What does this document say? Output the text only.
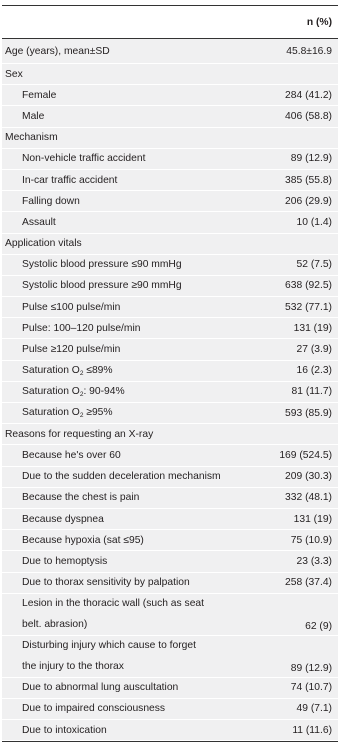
n (%)
Age (years), mean±SD	45.8±16.9
Sex
Female	284 (41.2)
Male	406 (58.8)
Mechanism
Non-vehicle traffic accident	89 (12.9)
In-car traffic accident	385 (55.8)
Falling down	206 (29.9)
Assault	10 (1.4)
Application vitals
Systolic blood pressure ≤90 mmHg	52 (7.5)
Systolic blood pressure ≥90 mmHg	638 (92.5)
Pulse ≤100 pulse/min	532 (77.1)
Pulse: 100–120 pulse/min	131 (19)
Pulse ≥120 pulse/min	27 (3.9)
Saturation $O_2 \le 89\%$	16 (2.3)
Saturation $O_2$: 90-94%	81 (11.7)
Saturation $O_2 \ge 95\%$	593 (85.9)
Reasons for requesting an X-ray
Because he's over 60	169 (524.5)
Due to the sudden deceleration mechanism	209 (30.3)
Because the chest is pain	332 (48.1)
Because dyspnea	131 (19)
Because hypoxia (sat ≤95)	75 (10.9)
Due to hemoptysis	23 (3.3)
Due to thorax sensitivity by palpation	258 (37.4)
Lesion in the thoracic wall (such as seat
belt. abrasion)	62 (9)
Disturbing injury which cause to forget
the injury to the thorax	89 (12.9)
Due to abnormal lung auscultation	74 (10.7)
Due to impaired consciousness	49 (7.1)
Due to intoxication	11 (11.6)
